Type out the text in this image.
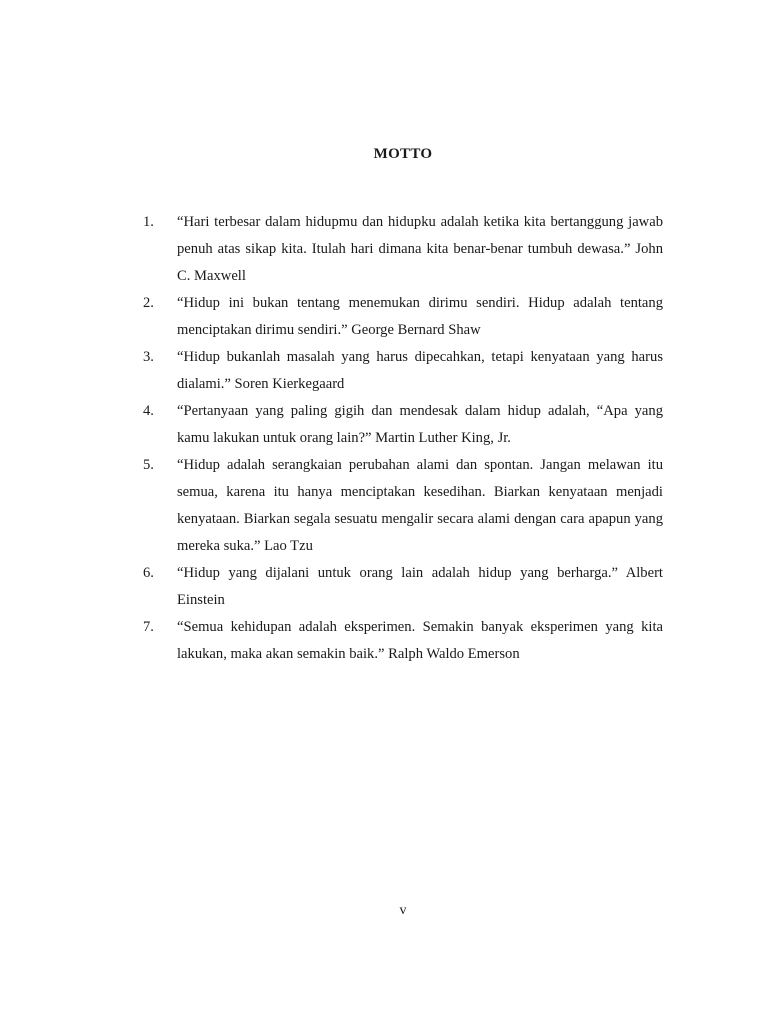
MOTTO
1.	“Hari terbesar dalam hidupmu dan hidupku adalah ketika kita bertanggung jawab penuh atas sikap kita. Itulah hari dimana kita benar-benar tumbuh dewasa.” John C. Maxwell
2.	“Hidup ini bukan tentang menemukan dirimu sendiri. Hidup adalah tentang menciptakan dirimu sendiri.” George Bernard Shaw
3.	“Hidup bukanlah masalah yang harus dipecahkan, tetapi kenyataan yang harus dialami.” Soren Kierkegaard
4.	“Pertanyaan yang paling gigih dan mendesak dalam hidup adalah, “Apa yang kamu lakukan untuk orang lain?” Martin Luther King, Jr.
5.	“Hidup adalah serangkaian perubahan alami dan spontan. Jangan melawan itu semua, karena itu hanya menciptakan kesedihan. Biarkan kenyataan menjadi kenyataan. Biarkan segala sesuatu mengalir secara alami dengan cara apapun yang mereka suka.” Lao Tzu
6.	“Hidup yang dijalani untuk orang lain adalah hidup yang berharga.” Albert Einstein
7.	“Semua kehidupan adalah eksperimen. Semakin banyak eksperimen yang kita lakukan, maka akan semakin baik.” Ralph Waldo Emerson
v
